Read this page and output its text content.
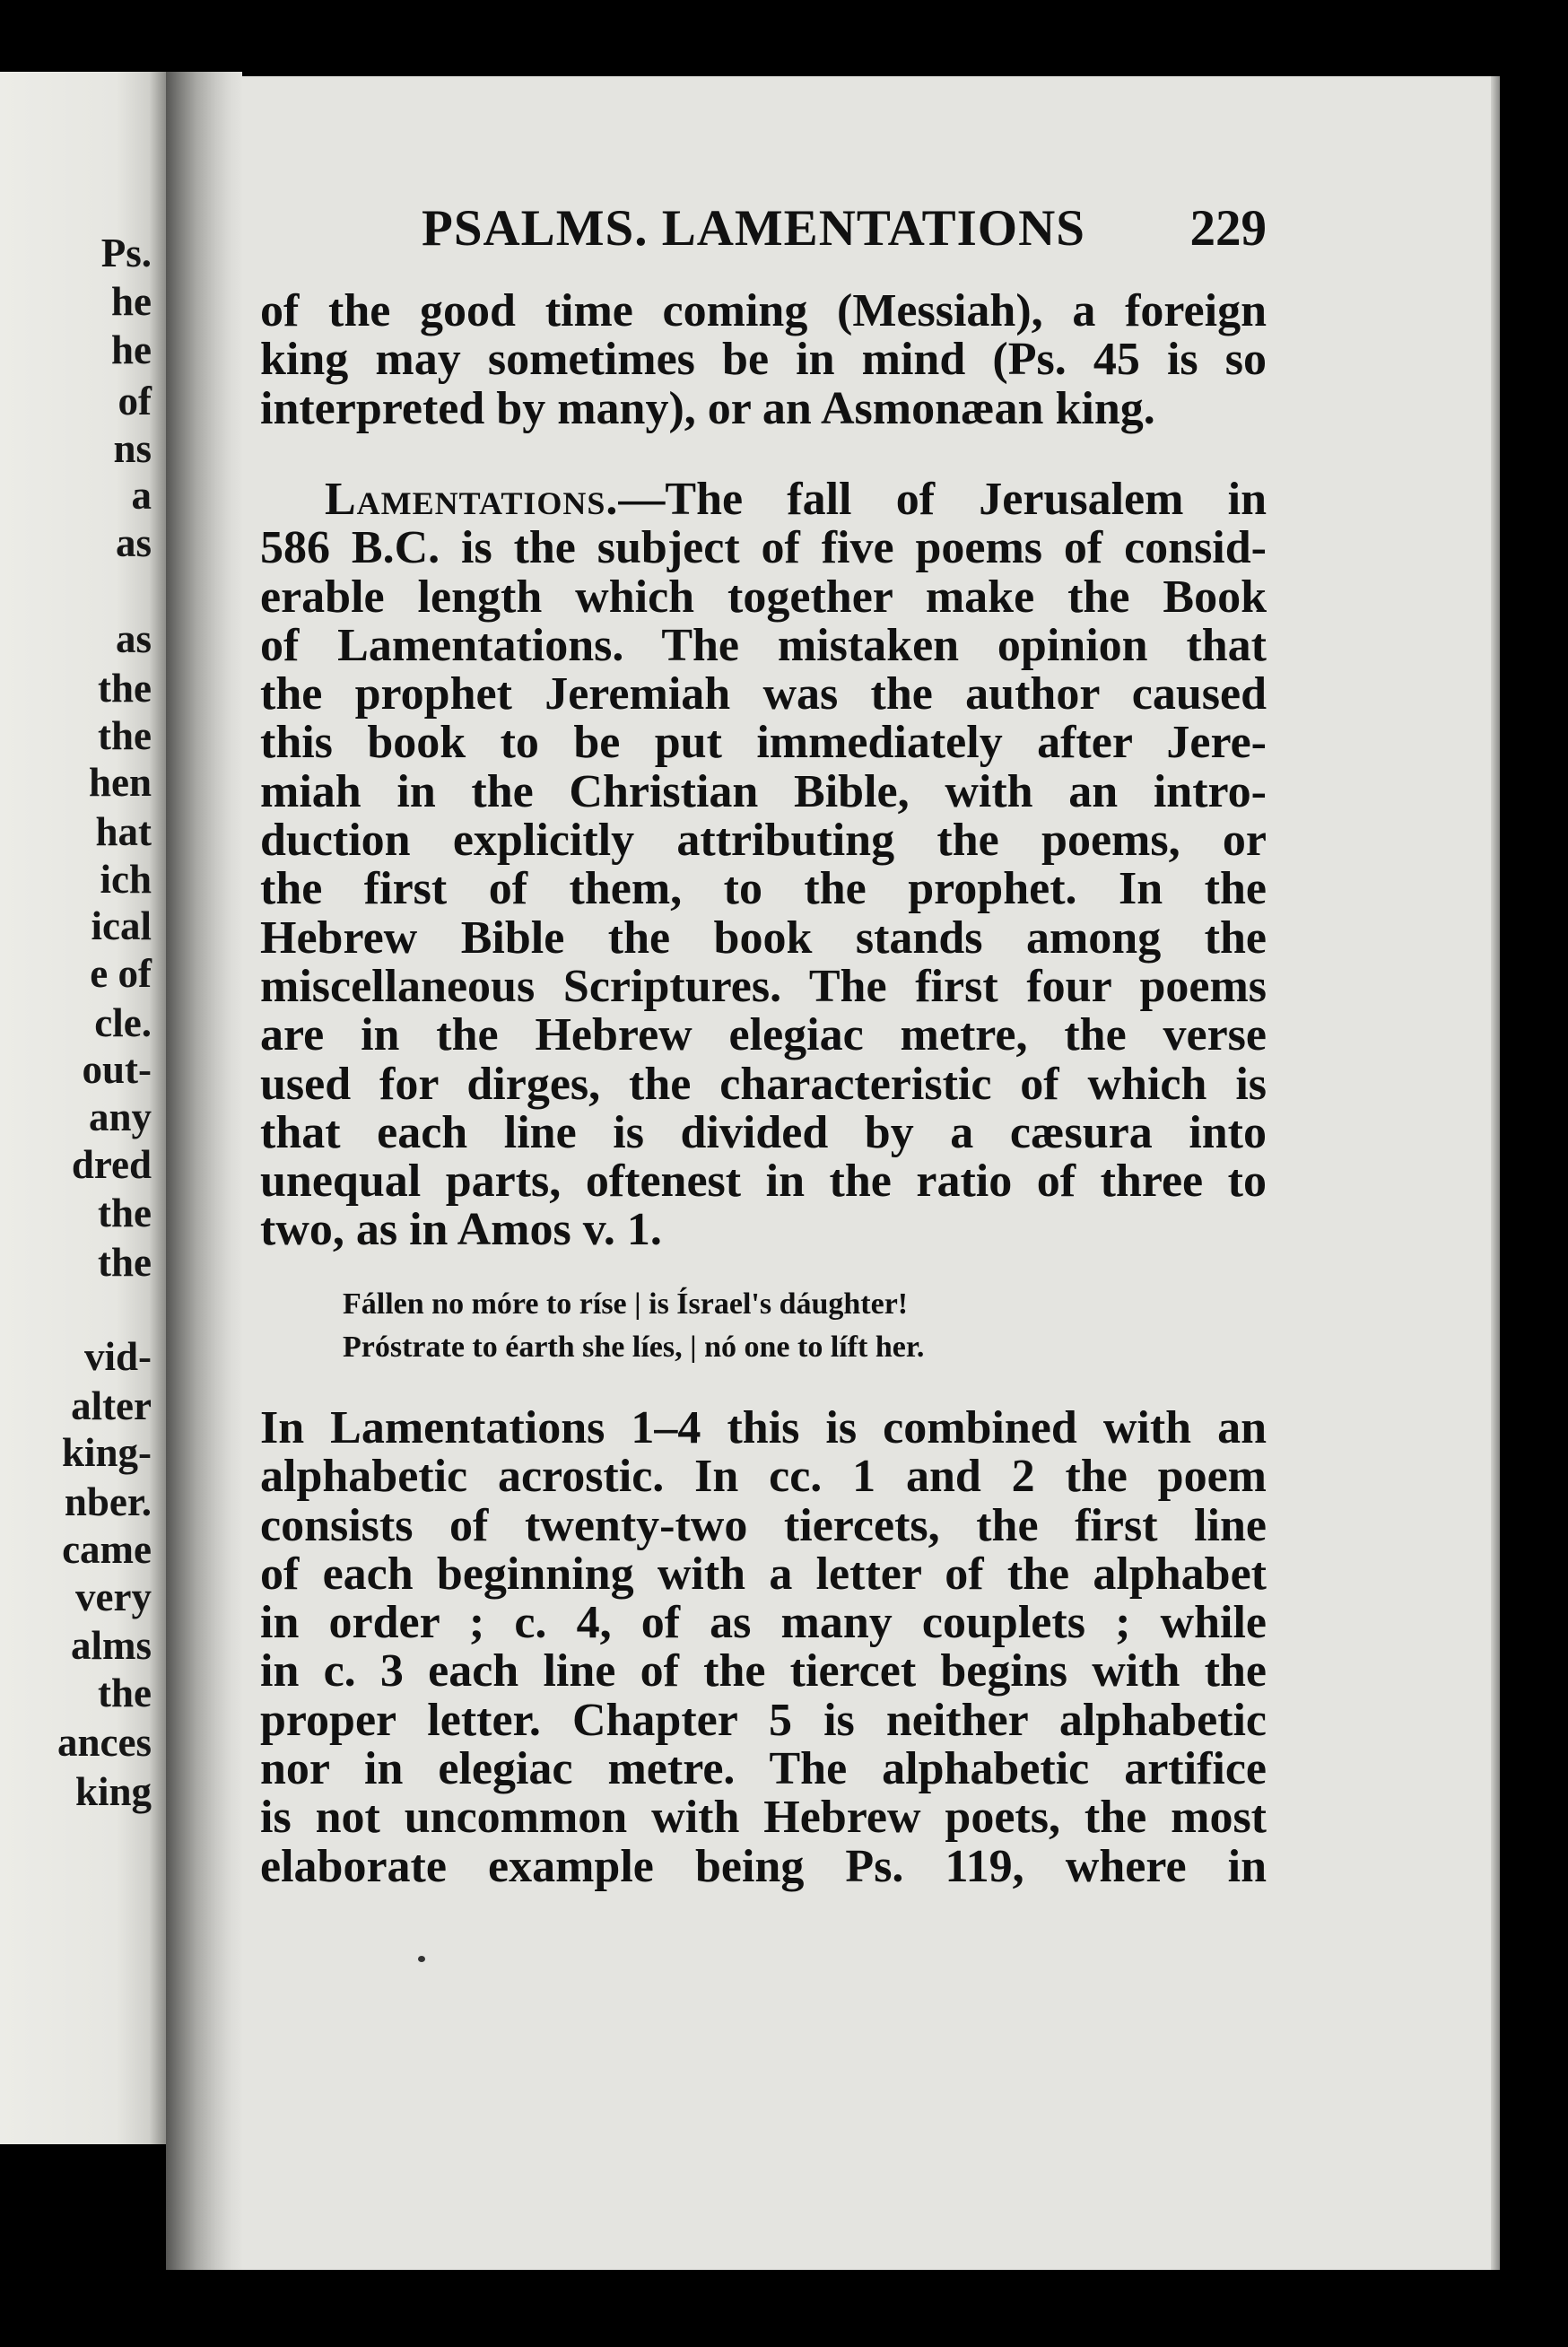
Ps.
he
he
of
ns
a
as
as
the
the
hen
hat
ich
ical
e of
cle.
out-
any
dred
the
the
vid-
alter
king-
nber.
came
very
alms
the
ances
king
PSALMS. LAMENTATIONS 229
of the good time coming (Messiah), a foreign
king may sometimes be in mind (Ps. 45 is so
interpreted by many), or an Asmonæan king.
Lamentations.—The fall of Jerusalem in
586 B.C. is the subject of five poems of consid-
erable length which together make the Book
of Lamentations. The mistaken opinion that
the prophet Jeremiah was the author caused
this book to be put immediately after Jere-
miah in the Christian Bible, with an intro-
duction explicitly attributing the poems, or
the first of them, to the prophet. In the
Hebrew Bible the book stands among the
miscellaneous Scriptures. The first four poems
are in the Hebrew elegiac metre, the verse
used for dirges, the characteristic of which is
that each line is divided by a cæsura into
unequal parts, oftenest in the ratio of three to
two, as in Amos v. 1.
Fállen no móre to ríse | is Ísrael's dáughter!
Próstrate to éarth she líes, | nó one to líft her.
In Lamentations 1–4 this is combined with an
alphabetic acrostic. In cc. 1 and 2 the poem
consists of twenty-two tiercets, the first line
of each beginning with a letter of the alphabet
in order ; c. 4, of as many couplets ; while
in c. 3 each line of the tiercet begins with the
proper letter. Chapter 5 is neither alphabetic
nor in elegiac metre. The alphabetic artifice
is not uncommon with Hebrew poets, the most
elaborate example being Ps. 119, where in
